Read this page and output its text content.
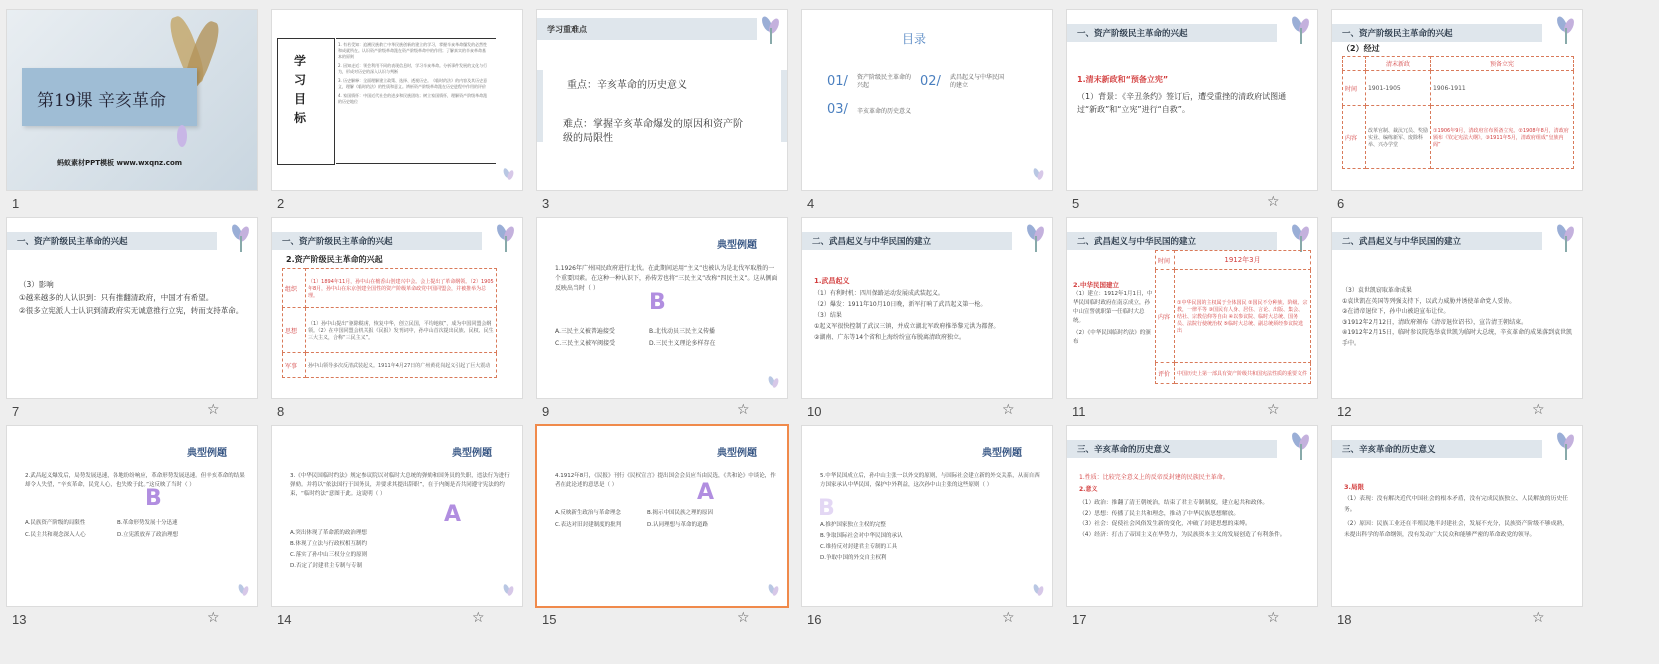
第19课 辛亥革命
蚂蚁素材PPT模板 www.wxqnz.com
1
学习目标
1. 有若受知：追溯民族救亡中华民族创新的建立的学习，掌握辛亥革命爆发的必然性和成就所在。认识资产阶级革命派在资产阶级革命中的作用；了解真实的辛亥革命基本的原则
2. 因知走近：领会利用不同的表现信息时，学习辛亥革命。分析事件发展的文化与行为，形成对历史的深入认识与判断
3. 历史解释：全面理解建立政策、选择、透视历史。《临时约法》的内容及其历史意义，理解《临时约法》的性质和意义。辨析资产阶级革命派在历史进程中作用的评价
4. 家国情怀：中国近代社会的进步和民族团结；树立家国情怀，理解资产阶级革命派的历史地位
2
学习重难点
重点：辛亥革命的历史意义
难点：掌握辛亥革命爆发的原因和资产阶级的局限性
3
目录
01/ 资产阶级民主革命的兴起	02/ 武昌起义与中华民国的建立
03/ 辛亥革命的历史意义
4
一、资产阶级民主革命的兴起
1.清末新政和“预备立宪”
（1）背景：《辛丑条约》签订后，遭受重挫的清政府试图通过“新政”和“立宪”进行“自救”。
5	☆
一、资产阶级民主革命的兴起
（2）经过
	清末新政	预备立宪
时间	1901-1905	1906-1911
内容	改革官制、裁汰冗员、奖励实业、编练新军、废除科举、兴办学堂	①1906年9月，清政府宣布预备立宪。②1908年8月，清政府颁布《钦定宪法大纲》。③1911年5月，清政府组成“皇族内阁”
6
一、资产阶级民主革命的兴起
（3）影响
①越来越多的人认识到：只有推翻清政府，中国才有希望。
②很多立宪派人士认识到清政府实无诚意推行立宪，转而支持革命。
7	☆
一、资产阶级民主革命的兴起
2.资产阶级民主革命的兴起
组织	（1）1894年11月，孙中山在檀香山创建兴中会。会上提出了革命纲领。（2）1905年8月，孙中山在东京创建全国性的资产阶级革命政党中国同盟会，并被推举为总理。
思想	（1）孙中山提出“驱除鞑虏，恢复中华，创立民国，平均地权”，成为中国同盟会纲领。（2）在中国同盟会机关报《民报》发刊词中，孙中山首次提出民族、民权、民生三大主义，合称“三民主义”。
军事	孙中山领导多次反清武装起义。1911年4月27日的广州黄花岗起义引起了巨大震动
8
典型例题
1.1926年广州国民政府进行北伐。在此期间运用“主义”也被认为是北伐军取胜的一个重要因素。在这种一种认识下，孙传芳也将“三民主义”改称“四民主义”。这从侧面反映出当时（ ）
B
A.三民主义被普遍接受	B.北伐动员三民主义传播
C.三民主义被军阀接受	D.三民主义理论多样存在
9	☆
二、武昌起义与中华民国的建立
1.武昌起义
（1）有利时机：四川保路运动发展成武装起义。
（2）爆发：1911年10月10日晚，新军打响了武昌起义第一枪。
（3）结果
①起义军很快控制了武汉三镇，并成立湖北军政府推举黎元洪为都督。
②湖南、广东等14个省和上海纷纷宣布脱离清政府独立。
10	☆
二、武昌起义与中华民国的建立
2.中华民国建立
（1）建立：1912年1月1日，中华民国临时政府在南京成立，孙中山宣誓就职第一任临时大总统。
（2）《中华民国临时约法》的颁布
时间	1912年3月
内容	①中华民国的主权属于全体国民 ②国民不分种族、阶级、宗教，一律平等 ③国民有人身、居住、言论、出版、集会、结社、宗教信仰等自由 ④以参议院、临时大总统、国务员、法院行使统治权 ⑤临时大总统、副总统须经参议院选出
评价	中国历史上第一部具有资产阶级共和国宪法性质的重要文件
11	☆
二、武昌起义与中华民国的建立
（3）袁世凯窃取革命成果
①袁世凯在英国等列强支持下，以武力威胁并诱使革命党人妥协。
②在清帝退位下，孙中山被迫宣布让位。
③1912年2月12日，清政府颁布《清帝退位诏书》，宣告清王朝结束。
④1912年2月15日，临时参议院选举袁世凯为临时大总统，辛亥革命的成果落到袁世凯手中。
12	☆
典型例题
2.武昌起义爆发后，局势发展迅速，各地纷纷响应，革命形势发展迅速。但辛亥革命的结果却令人失望，“辛亥革命，民党人心，也失败于此。”这反映了当时（ ）
B
A.民族资产阶级的局限性	B.革命形势发展十分迅速
C.民主共和观念深入人心	D.立宪派放弃了政治理想
13	☆
典型例题
3.《中华民国临时约法》规定参议院以对临时大总统的弹劾和国务员的失职，违法行为进行弹劾。并将以“依法国行于国务员，并要求其提出辞职”，在于内阁是否共同遵守宪法的约束，“临时约法”意图于此。这说明（ ）
A
A.突出体现了革命派的政治理想
B.体现了立法与行政权相互制约
C.落实了孙中山三权分立的原则
D.否定了封建君主专制与专制
14	☆
典型例题
4.1912年8月，《民报》刊行《民权宣言》提出国会会员应当由民选，《共和论》中谈论，作者在此论述的意思是（ ）	A
A.反映新生政治与革命理念	B.揭示中国民族之理的原因
C.表达对旧封建制度的批判	D.认同理想与革命的道路
15	☆
典型例题
5.中华民国成立后，孙中山主张一以外交的原则，与国际社会建立新的外交关系，从而自西方国家承认中华民国，保护中外利益，这次孙中山主张的这些原则（ ）
B
A.推护国家独立主权的完整
B.争取国际社会对中华民国的承认
C.维持反对封建君主专制的工具
D.争取中国的外交自主权利
16	☆
三、辛亥革命的历史意义
1.性质：比较完全意义上的反帝反封建的民族民主革命。
2.意义
（1）政治：推翻了清王朝统治，结束了君主专制制度，建立起共和政体。
（2）思想：传播了民主共和理念，推动了中华民族思想解放。
（3）社会：促使社会风俗发生新的变化，冲破了封建思想的束缚。
（4）经济：打击了帝国主义在华势力，为民族资本主义的发展创造了有利条件。
17	☆
三、辛亥革命的历史意义
3.局限
（1）表现：没有解决近代中国社会的根本矛盾，没有完成民族独立、人民解放的历史任务。
（2）原因：民族工业还在半殖民地半封建社会，发展不充分，民族资产阶级不够成熟，未提出科学的革命纲领，没有发动广大民众和能够严密的革命政党的领导。
18	☆
